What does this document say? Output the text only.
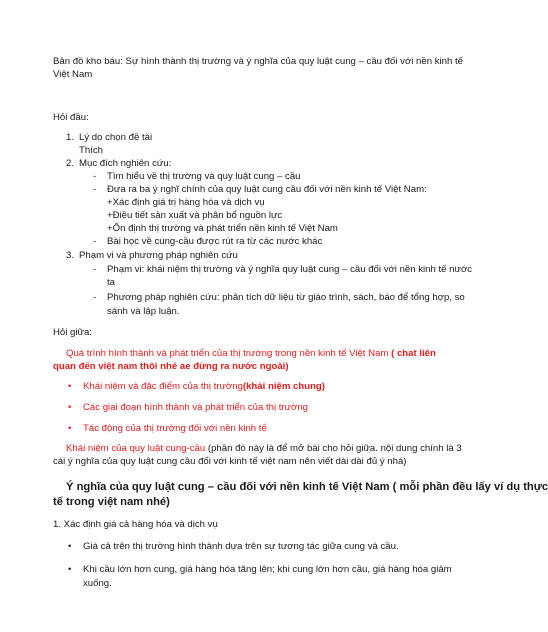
Bản đồ kho báu: Sự hình thành thị trường và ý nghĩa của quy luật cung – cầu đối với nền kinh tế
Việt Nam
Hỏi đầu:
1. Lý do chọn đề tài
Thích
2. Mục đích nghiên cứu:
- Tìm hiểu về thị trường và quy luật cung – cầu
- Đưa ra ba ý nghĩ chính của quy luật cung cầu đối với nền kinh tế Việt Nam:
+Xác định giá trị hàng hóa và dịch vụ
+Điều tiết sản xuất và phân bổ nguồn lực
+Ổn định thị trường và phát triển nền kinh tế Việt Nam
- Bài học về cung-cầu được rút ra từ các nước khác
3. Phạm vi và phương pháp nghiên cứu
- Phạm vi: khái niệm thị trường và ý nghĩa quy luật cung – cầu đối với nền kinh tế nước
ta
- Phương pháp nghiên cứu: phân tích dữ liệu từ giáo trình, sách, báo để tổng hợp, so
sánh và lập luận.
Hỏi giữa:
Quá trình hình thành và phát triển của thị trường trong nền kinh tế Việt Nam ( chat liên
quan đến việt nam thôi nhé ae đừng ra nước ngoài)
• Khái niệm và đặc điểm của thị trường(khái niệm chung)
• Các giai đoạn hình thành và phát triển của thị trường
• Tác động của thị trường đối với nền kinh tế
Khái niệm của quy luật cung-cầu (phần đó này là để mở bài cho hỏi giữa. nội dung chính là 3
cái ý nghĩa của quy luật cung cầu đối với kinh tế việt nam nên viết dài dài đủ ý nhá)
Ý nghĩa của quy luật cung – cầu đối với nền kinh tế Việt Nam ( mỗi phần đều lấy ví dụ thực
tế trong việt nam nhé)
1. Xác định giá cả hàng hóa và dịch vụ
• Giá cả trên thị trường hình thành dựa trên sự tương tác giữa cung và cầu.
• Khi cầu lớn hơn cung, giá hàng hóa tăng lên; khi cung lớn hơn cầu, giá hàng hóa giảm
xuống.
